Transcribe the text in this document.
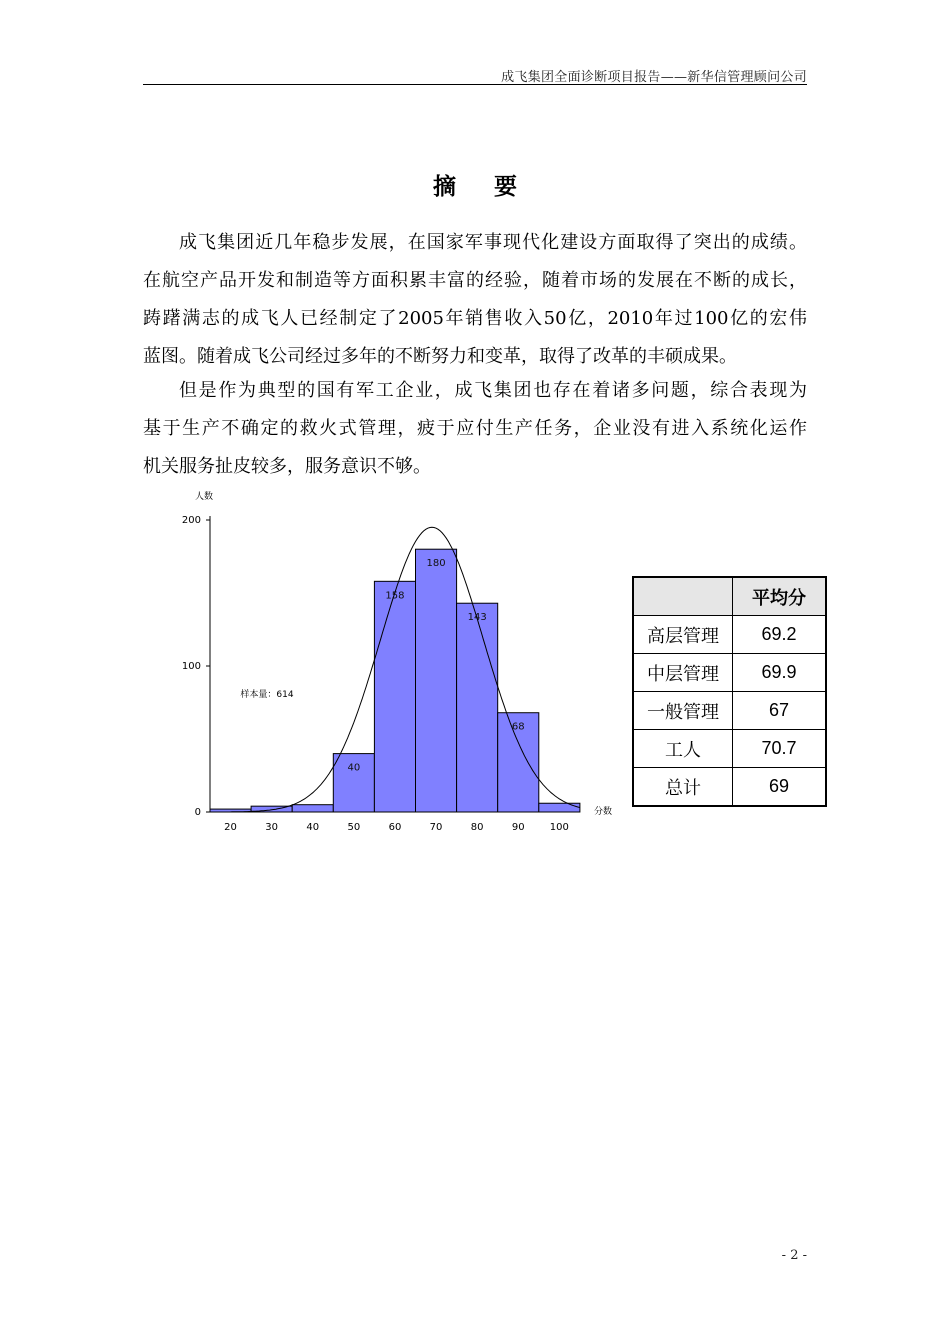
成飞集团全面诊断项目报告——新华信管理顾问公司
摘要
成飞集团近几年稳步发展，在国家军事现代化建设方面取得了突出的成绩。
在航空产品开发和制造等方面积累丰富的经验，随着市场的发展在不断的成长，
踌躇满志的成飞人已经制定了2005年销售收入50亿，2010年过100亿的宏伟
蓝图。随着成飞公司经过多年的不断努力和变革，取得了改革的丰硕成果。
但是作为典型的国有军工企业，成飞集团也存在着诸多问题，综合表现为
基于生产不确定的救火式管理，疲于应付生产任务，企业没有进入系统化运作
机关服务扯皮较多，服务意识不够。
0
100
200
人数
40
158
180
143
68
20	30	40	50	60	70	80	90	100
分数
样本量：614
	平均分
高层管理	69.2
中层管理	69.9
一般管理	67
工人	70.7
总计	69
- 2 -
